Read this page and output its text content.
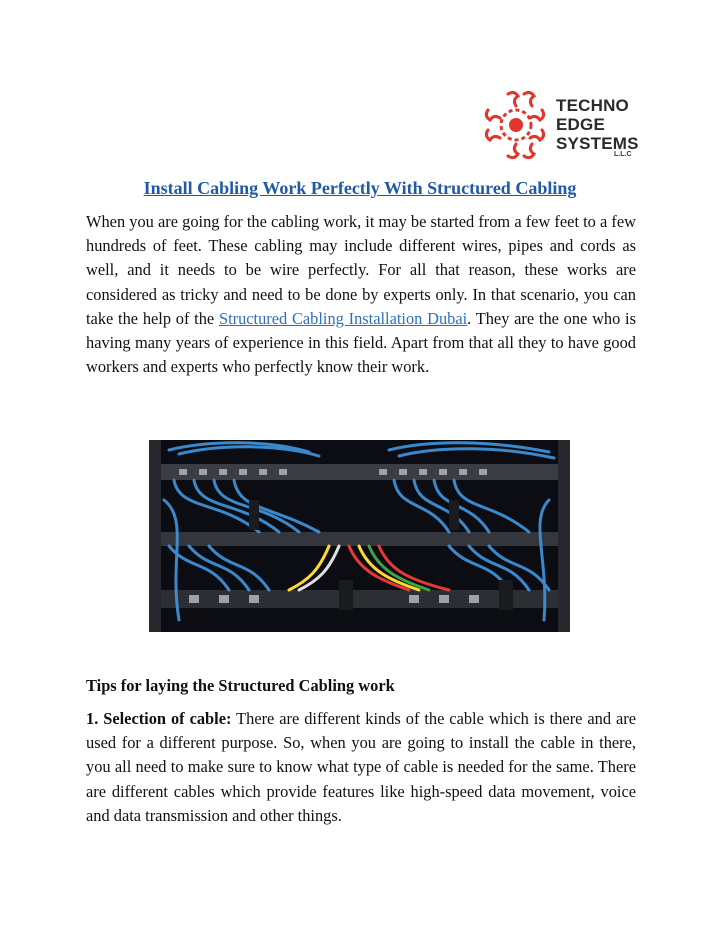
TECHNO
EDGE
SYSTEMS
L.L.C
Install Cabling Work Perfectly With Structured Cabling

When you are going for the cabling work, it may be started from a few feet to a few hundreds of feet. These cabling may include different wires, pipes and cords as well, and it needs to be wire perfectly. For all that reason, these works are considered as tricky and need to be done by experts only. In that scenario, you can take the help of the Structured Cabling Installation Dubai. They are the one who is having many years of experience in this field. Apart from that all they to have good workers and experts who perfectly know their work.

Tips for laying the Structured Cabling work

1. Selection of cable: There are different kinds of the cable which is there and are used for a different purpose. So, when you are going to install the cable in there, you all need to make sure to know what type of cable is needed for the same. There are different cables which provide features like high-speed data movement, voice and data transmission and other things.
